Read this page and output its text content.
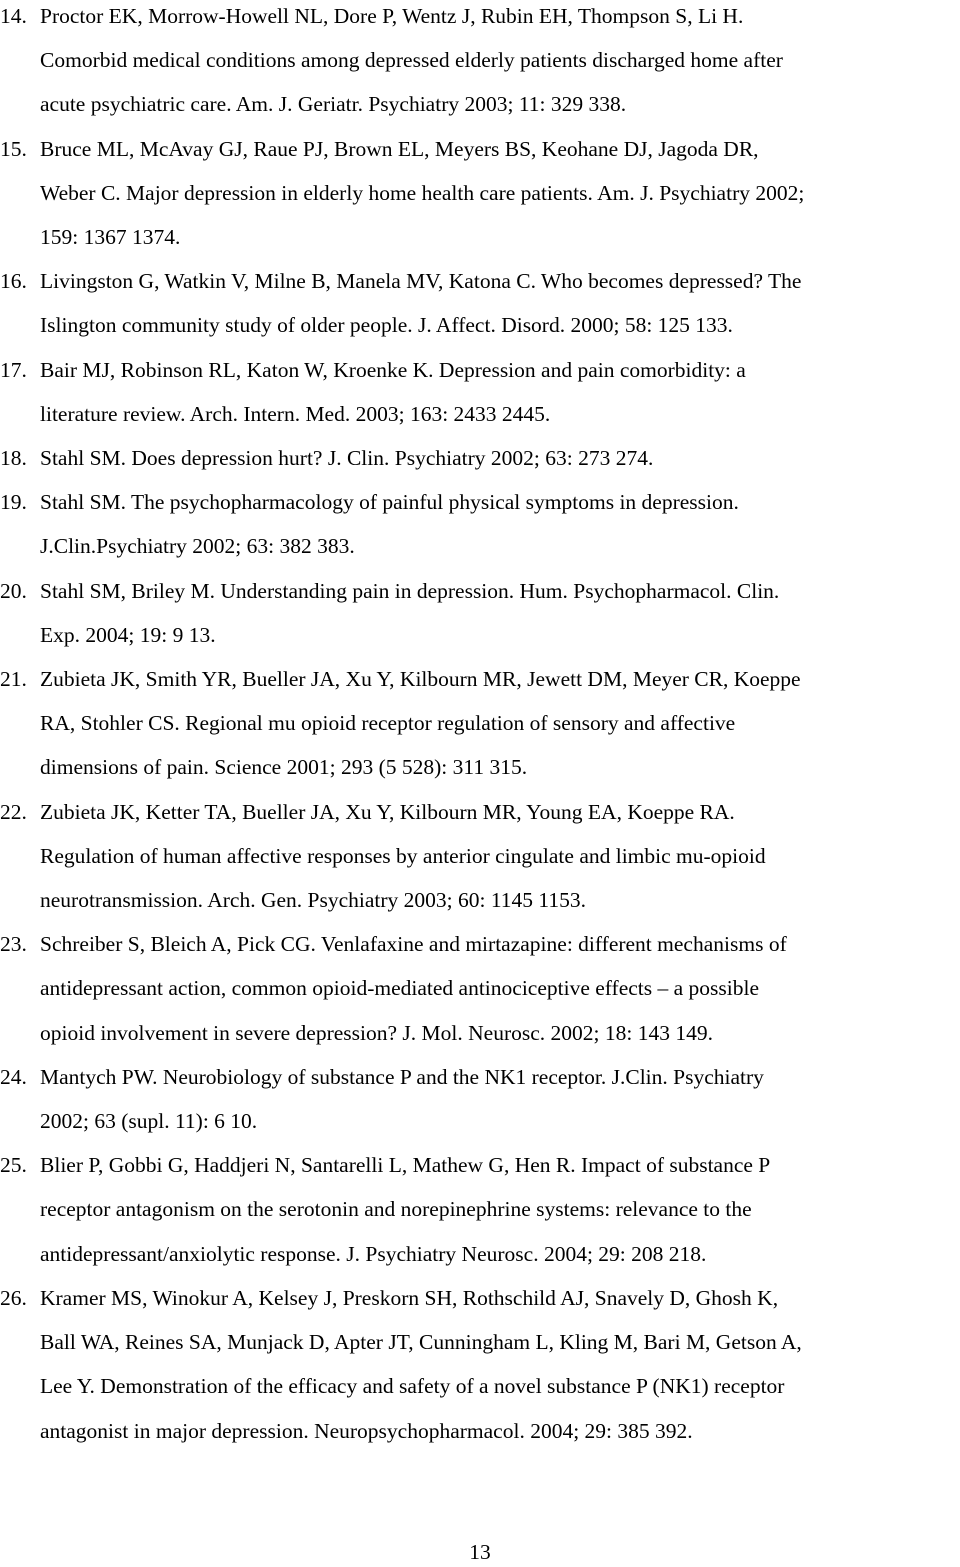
14. Proctor EK, Morrow-Howell NL, Dore P, Wentz J, Rubin EH, Thompson S, Li H.
Comorbid medical conditions among depressed elderly patients discharged home after
acute psychiatric care. Am. J. Geriatr. Psychiatry 2003; 11: 329 338.
15. Bruce ML, McAvay GJ, Raue PJ, Brown EL, Meyers BS, Keohane DJ, Jagoda DR,
Weber C. Major depression in elderly home health care patients. Am. J. Psychiatry 2002;
159: 1367 1374.
16. Livingston G, Watkin V, Milne B, Manela MV, Katona C. Who becomes depressed? The
Islington community study of older people. J. Affect. Disord. 2000; 58: 125 133.
17. Bair MJ, Robinson RL, Katon W, Kroenke K. Depression and pain comorbidity: a
literature review. Arch. Intern. Med. 2003; 163: 2433 2445.
18. Stahl SM. Does depression hurt? J. Clin. Psychiatry 2002; 63: 273 274.
19. Stahl SM. The psychopharmacology of painful physical symptoms in depression.
J.Clin.Psychiatry 2002; 63: 382 383.
20. Stahl SM, Briley M. Understanding pain in depression. Hum. Psychopharmacol. Clin.
Exp. 2004; 19: 9 13.
21. Zubieta JK, Smith YR, Bueller JA, Xu Y, Kilbourn MR, Jewett DM, Meyer CR, Koeppe
RA, Stohler CS. Regional mu opioid receptor regulation of sensory and affective
dimensions of pain. Science 2001; 293 (5 528): 311 315.
22. Zubieta JK, Ketter TA, Bueller JA, Xu Y, Kilbourn MR, Young EA, Koeppe RA.
Regulation of human affective responses by anterior cingulate and limbic mu-opioid
neurotransmission. Arch. Gen. Psychiatry 2003; 60: 1145 1153.
23. Schreiber S, Bleich A, Pick CG. Venlafaxine and mirtazapine: different mechanisms of
antidepressant action, common opioid-mediated antinociceptive effects – a possible
opioid involvement in severe depression? J. Mol. Neurosc. 2002; 18: 143 149.
24. Mantych PW. Neurobiology of substance P and the NK1 receptor. J.Clin. Psychiatry
2002; 63 (supl. 11): 6 10.
25. Blier P, Gobbi G, Haddjeri N, Santarelli L, Mathew G, Hen R. Impact of substance P
receptor antagonism on the serotonin and norepinephrine systems: relevance to the
antidepressant/anxiolytic response. J. Psychiatry Neurosc. 2004; 29: 208 218.
26. Kramer MS, Winokur A, Kelsey J, Preskorn SH, Rothschild AJ, Snavely D, Ghosh K,
Ball WA, Reines SA, Munjack D, Apter JT, Cunningham L, Kling M, Bari M, Getson A,
Lee Y. Demonstration of the efficacy and safety of a novel substance P (NK1) receptor
antagonist in major depression. Neuropsychopharmacol. 2004; 29: 385 392.
13
